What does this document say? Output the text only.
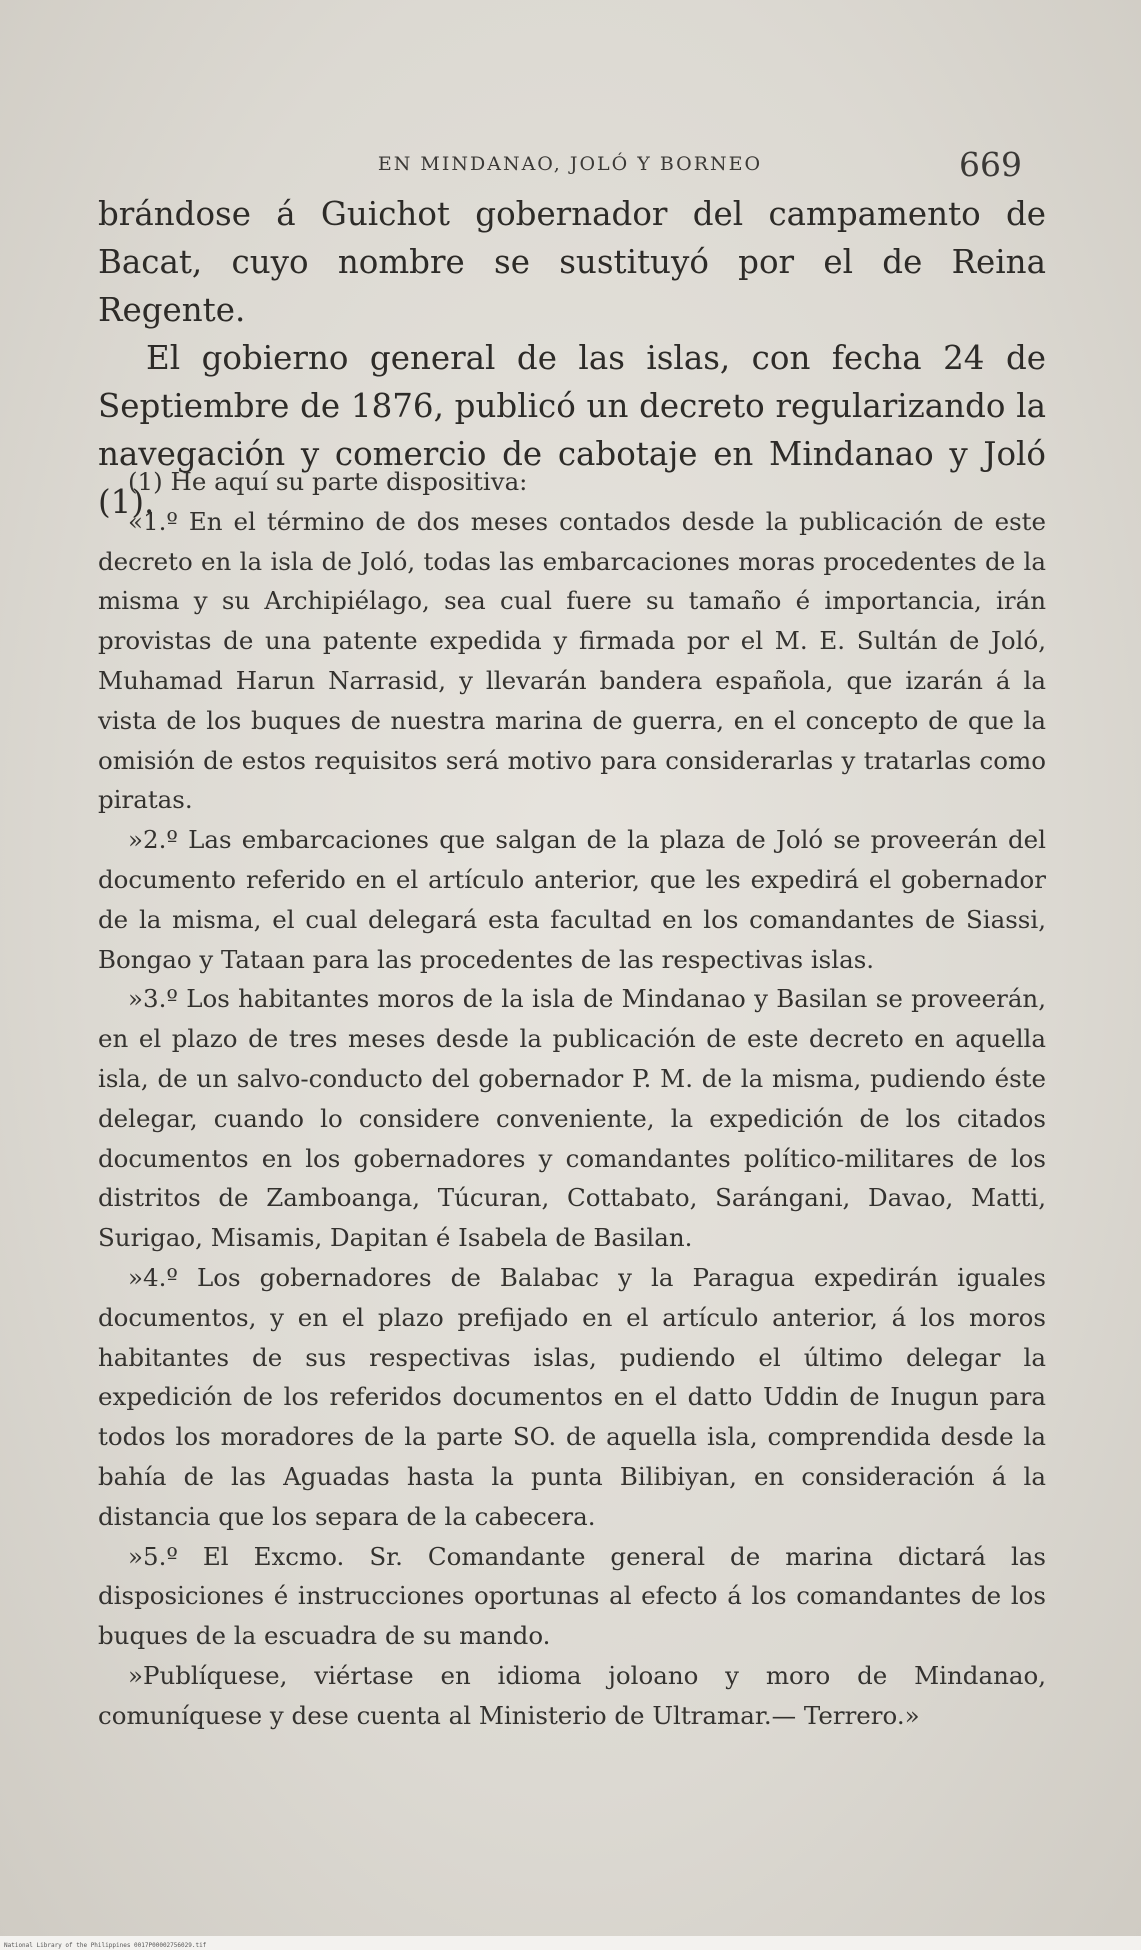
EN MINDANAO, JOLÓ Y BORNEO	669

brándose á Guichot gobernador del campamento de Bacat, cuyo nombre se sustituyó por el de Reina Regente.

El gobierno general de las islas, con fecha 24 de Septiembre de 1876, publicó un decreto regularizando la navegación y comercio de cabotaje en Mindanao y Joló (1).

(1) He aquí su parte dispositiva:

«1.º En el término de dos meses contados desde la publicación de este decreto en la isla de Joló, todas las embarcaciones moras procedentes de la misma y su Archipiélago, sea cual fuere su tamaño é importancia, irán provistas de una patente expedida y firmada por el M. E. Sultán de Joló, Muhamad Harun Narrasid, y llevarán bandera española, que izarán á la vista de los buques de nuestra marina de guerra, en el concepto de que la omisión de estos requisitos será motivo para considerarlas y tratarlas como piratas.

»2.º Las embarcaciones que salgan de la plaza de Joló se proveerán del documento referido en el artículo anterior, que les expedirá el gobernador de la misma, el cual delegará esta facultad en los comandantes de Siassi, Bongao y Tataan para las procedentes de las respectivas islas.

»3.º Los habitantes moros de la isla de Mindanao y Basilan se proveerán, en el plazo de tres meses desde la publicación de este decreto en aquella isla, de un salvo-conducto del gobernador P. M. de la misma, pudiendo éste delegar, cuando lo considere conveniente, la expedición de los citados documentos en los gobernadores y comandantes político-militares de los distritos de Zamboanga, Túcuran, Cottabato, Sarángani, Davao, Matti, Surigao, Misamis, Dapitan é Isabela de Basilan.

»4.º Los gobernadores de Balabac y la Paragua expedirán iguales documentos, y en el plazo prefijado en el artículo anterior, á los moros habitantes de sus respectivas islas, pudiendo el último delegar la expedición de los referidos documentos en el datto Uddin de Inugun para todos los moradores de la parte SO. de aquella isla, comprendida desde la bahía de las Aguadas hasta la punta Bilibiyan, en consideración á la distancia que los separa de la cabecera.

»5.º El Excmo. Sr. Comandante general de marina dictará las disposiciones é instrucciones oportunas al efecto á los comandantes de los buques de la escuadra de su mando.

»Publíquese, viértase en idioma joloano y moro de Mindanao, comuníquese y dese cuenta al Ministerio de Ultramar.— Terrero.»

National Library of the Philippines 0017P00002756029.tif
